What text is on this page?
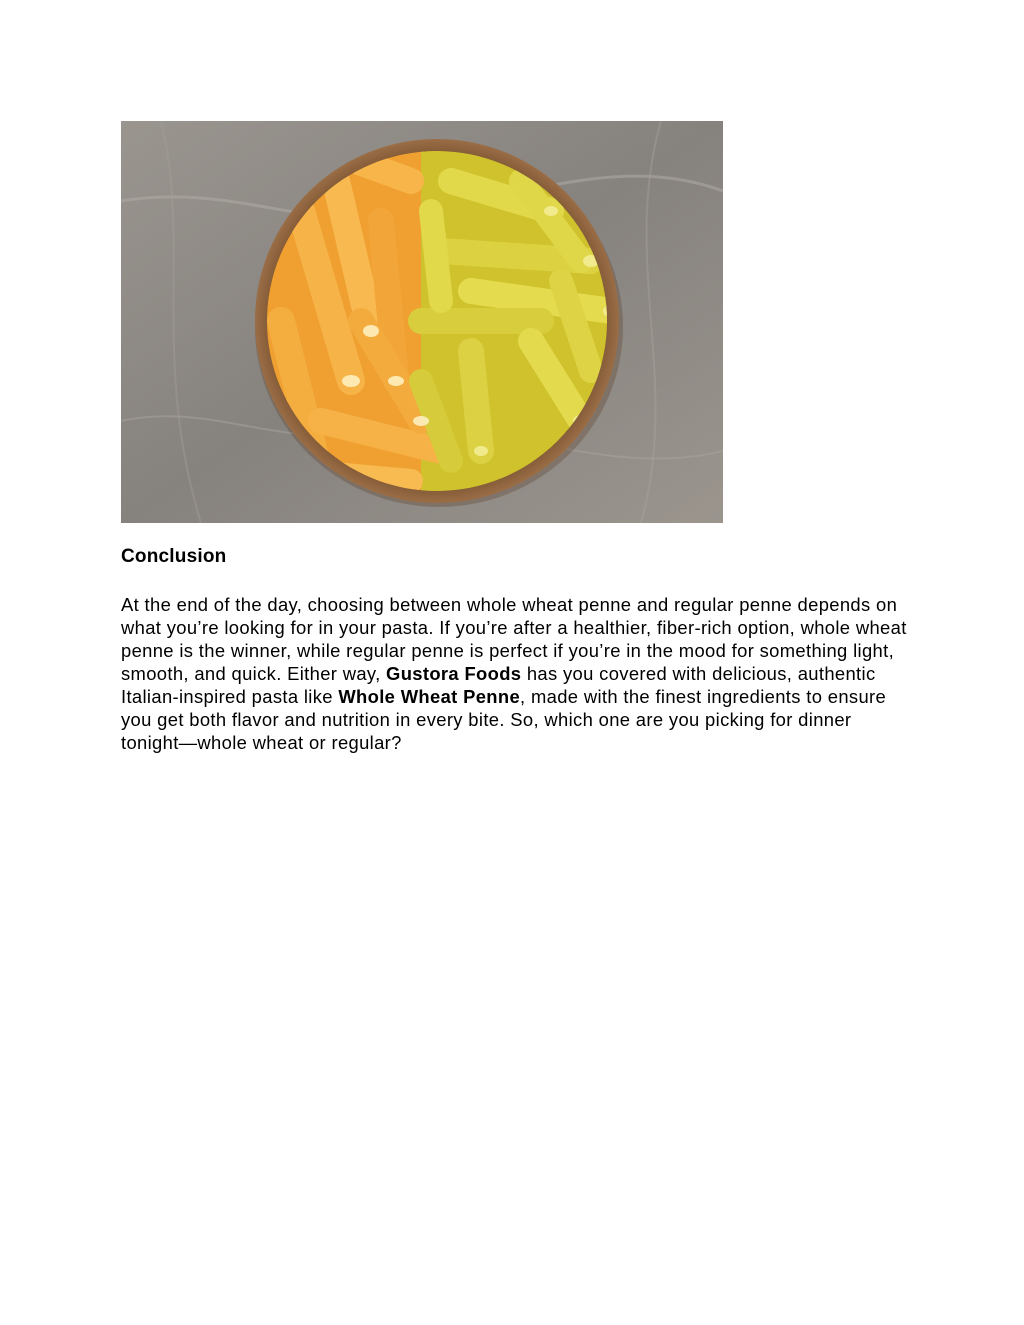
Conclusion

At the end of the day, choosing between whole wheat penne and regular penne depends on what you’re looking for in your pasta. If you’re after a healthier, fiber-rich option, whole wheat penne is the winner, while regular penne is perfect if you’re in the mood for something light, smooth, and quick. Either way, Gustora Foods has you covered with delicious, authentic Italian-inspired pasta like Whole Wheat Penne, made with the finest ingredients to ensure you get both flavor and nutrition in every bite. So, which one are you picking for dinner tonight—whole wheat or regular?
